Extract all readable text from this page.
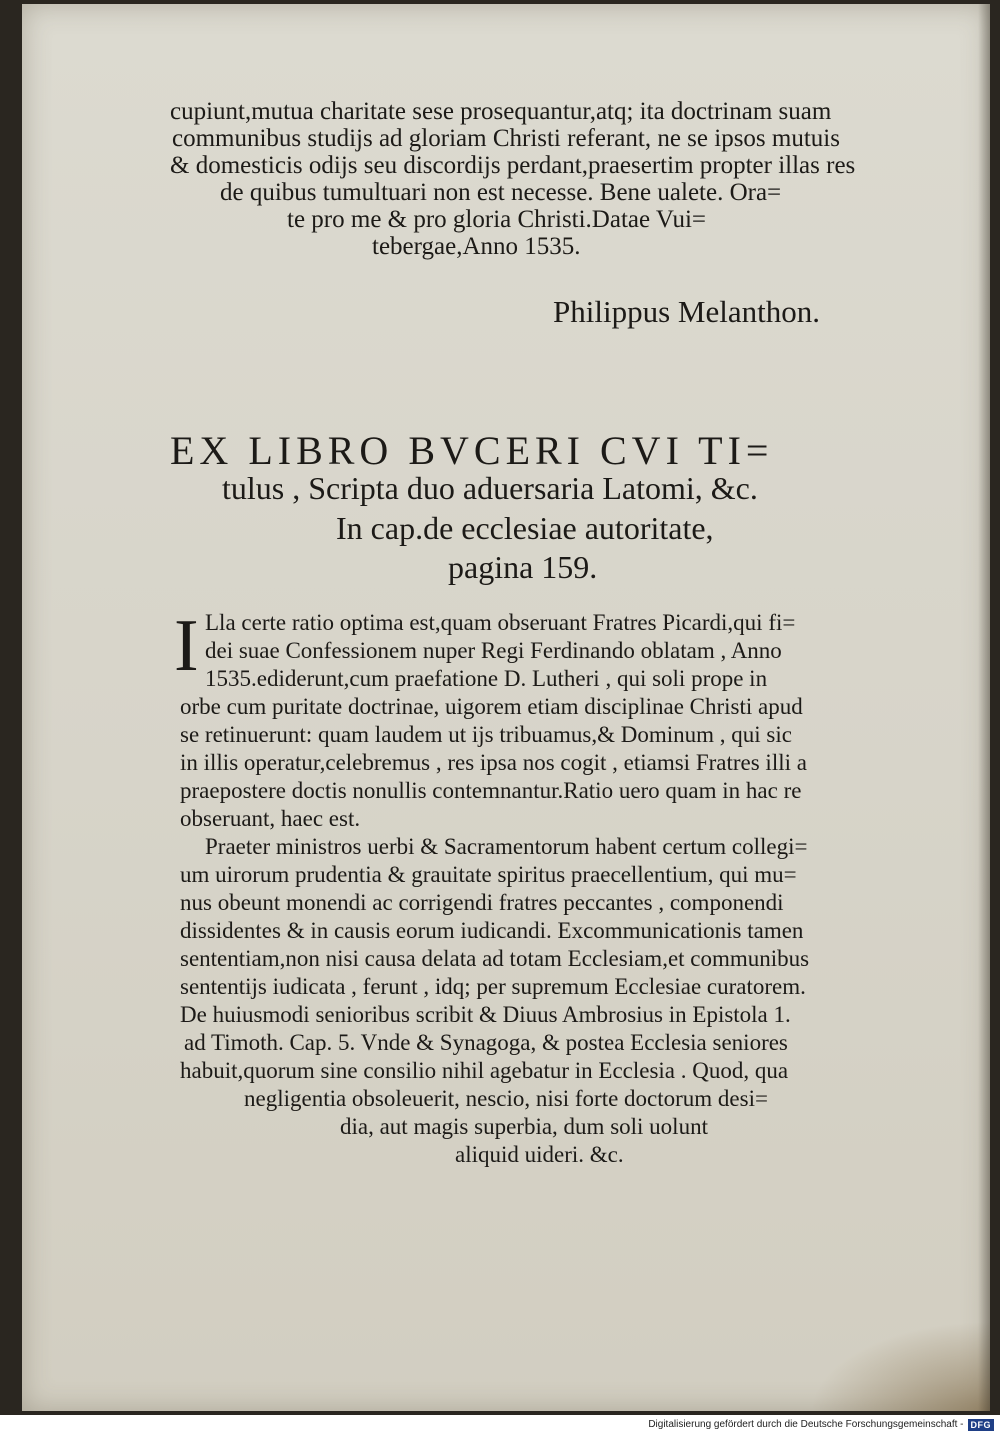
cupiunt,mutua charitate sese prosequantur,atq; ita doctrinam suam
communibus studijs ad gloriam Christi referant, ne se ipsos mutuis
& domesticis odijs seu discordijs perdant,praesertim propter illas res
de quibus tumultuari non est necesse. Bene ualete. Ora=
te pro me & pro gloria Christi.Datae Vui=
tebergae,Anno 1535.
Philippus Melanthon.
EX LIBRO BVCERI CVI TI=
tulus , Scripta duo aduersaria Latomi, &c.
In cap.de ecclesiae autoritate,
pagina 159.
I Lla certe ratio optima est,quam obseruant Fratres Picardi,qui fi=
dei suae Confessionem nuper Regi Ferdinando oblatam , Anno
1535.ediderunt,cum praefatione D. Lutheri , qui soli prope in
orbe cum puritate doctrinae, uigorem etiam disciplinae Christi apud
se retinuerunt: quam laudem ut ijs tribuamus,& Dominum , qui sic
in illis operatur,celebremus , res ipsa nos cogit , etiamsi Fratres illi a
praepostere doctis nonullis contemnantur.Ratio uero quam in hac re
obseruant, haec est.
Praeter ministros uerbi & Sacramentorum habent certum collegi=
um uirorum prudentia & grauitate spiritus praecellentium, qui mu=
nus obeunt monendi ac corrigendi fratres peccantes , componendi
dissidentes & in causis eorum iudicandi. Excommunicationis tamen
sententiam,non nisi causa delata ad totam Ecclesiam,et communibus
sententijs iudicata , ferunt , idq; per supremum Ecclesiae curatorem.
De huiusmodi senioribus scribit & Diuus Ambrosius in Epistola 1.
ad Timoth. Cap. 5. Vnde & Synagoga, & postea Ecclesia seniores
habuit,quorum sine consilio nihil agebatur in Ecclesia . Quod, qua
negligentia obsoleuerit, nescio, nisi forte doctorum desi=
dia, aut magis superbia, dum soli uolunt
aliquid uideri. &c.
Digitalisierung gefördert durch die Deutsche Forschungsgemeinschaft - DFG
